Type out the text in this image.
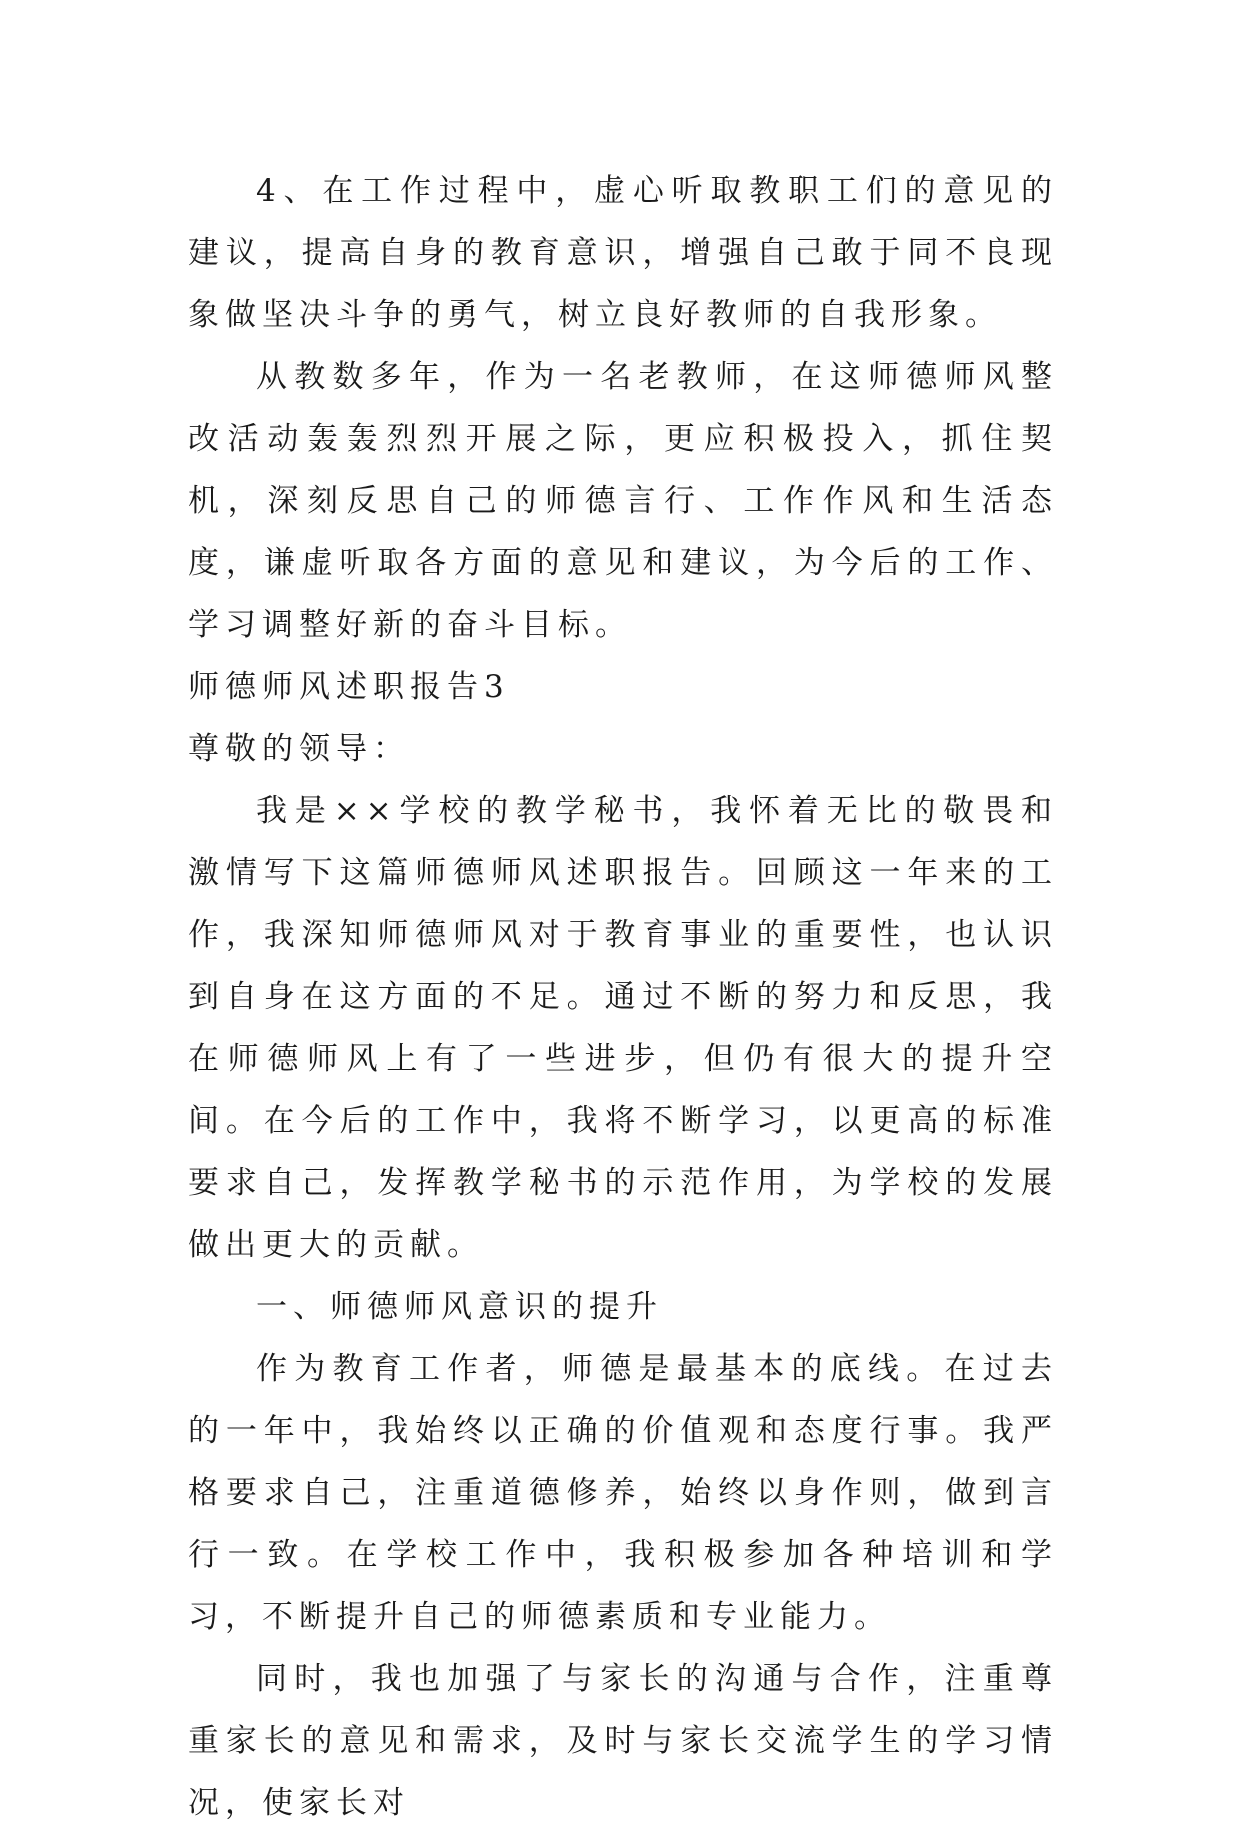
4、在工作过程中，虚心听取教职工们的意见的建议，提高自身的教育意识，增强自己敢于同不良现象做坚决斗争的勇气，树立良好教师的自我形象。

从教数多年，作为一名老教师，在这师德师风整改活动轰轰烈烈开展之际，更应积极投入，抓住契机，深刻反思自己的师德言行、工作作风和生活态度，谦虚听取各方面的意见和建议，为今后的工作、学习调整好新的奋斗目标。

师德师风述职报告3

尊敬的领导：

我是××学校的教学秘书，我怀着无比的敬畏和激情写下这篇师德师风述职报告。回顾这一年来的工作，我深知师德师风对于教育事业的重要性，也认识到自身在这方面的不足。通过不断的努力和反思，我在师德师风上有了一些进步，但仍有很大的提升空间。在今后的工作中，我将不断学习，以更高的标准要求自己，发挥教学秘书的示范作用，为学校的发展做出更大的贡献。

一、师德师风意识的提升

作为教育工作者，师德是最基本的底线。在过去的一年中，我始终以正确的价值观和态度行事。我严格要求自己，注重道德修养，始终以身作则，做到言行一致。在学校工作中，我积极参加各种培训和学习，不断提升自己的师德素质和专业能力。

同时，我也加强了与家长的沟通与合作，注重尊重家长的意见和需求，及时与家长交流学生的学习情况，使家长对
